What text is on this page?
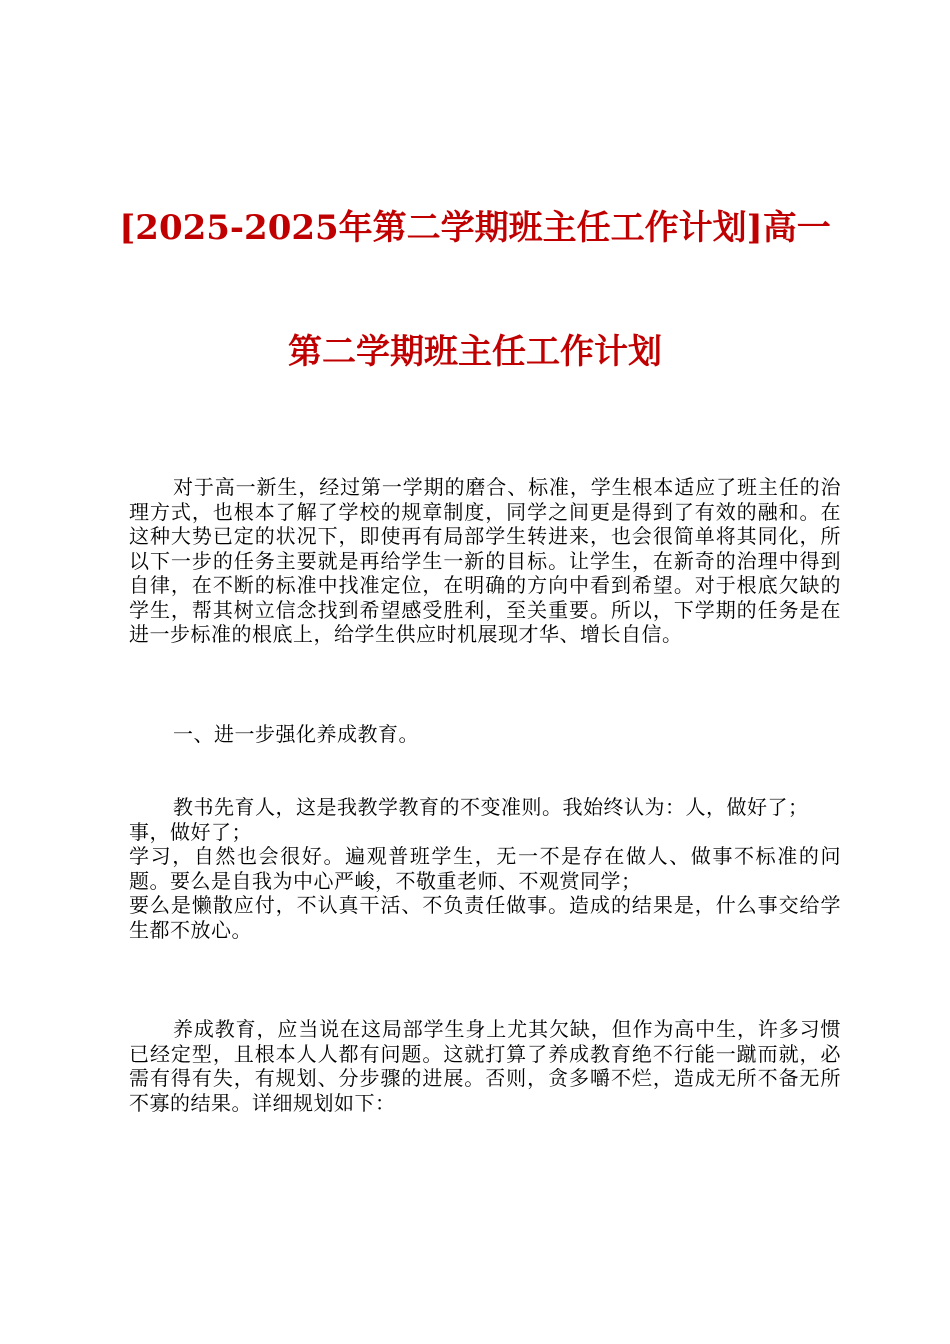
[2025-2025年第二学期班主任工作计划]高一
第二学期班主任工作计划

对于高一新生，经过第一学期的磨合、标准，学生根本适应了班主任的治理方式，也根本了解了学校的规章制度，同学之间更是得到了有效的融和。在这种大势已定的状况下，即使再有局部学生转进来，也会很简单将其同化，所以下一步的任务主要就是再给学生一新的目标。让学生，在新奇的治理中得到自律，在不断的标准中找准定位，在明确的方向中看到希望。对于根底欠缺的学生，帮其树立信念找到希望感受胜利，至关重要。所以，下学期的任务是在进一步标准的根底上，给学生供应时机展现才华、增长自信。

一、进一步强化养成教育。

教书先育人，这是我教学教育的不变准则。我始终认为：人，做好了；

事，做好了；

学习，自然也会很好。遍观普班学生，无一不是存在做人、做事不标准的问题。要么是自我为中心严峻，不敬重老师、不观赏同学；

要么是懒散应付，不认真干活、不负责任做事。造成的结果是，什么事交给学生都不放心。

养成教育，应当说在这局部学生身上尤其欠缺，但作为高中生，许多习惯已经定型，且根本人人都有问题。这就打算了养成教育绝不行能一蹴而就，必需有得有失，有规划、分步骤的进展。否则，贪多嚼不烂，造成无所不备无所不寡的结果。详细规划如下：
